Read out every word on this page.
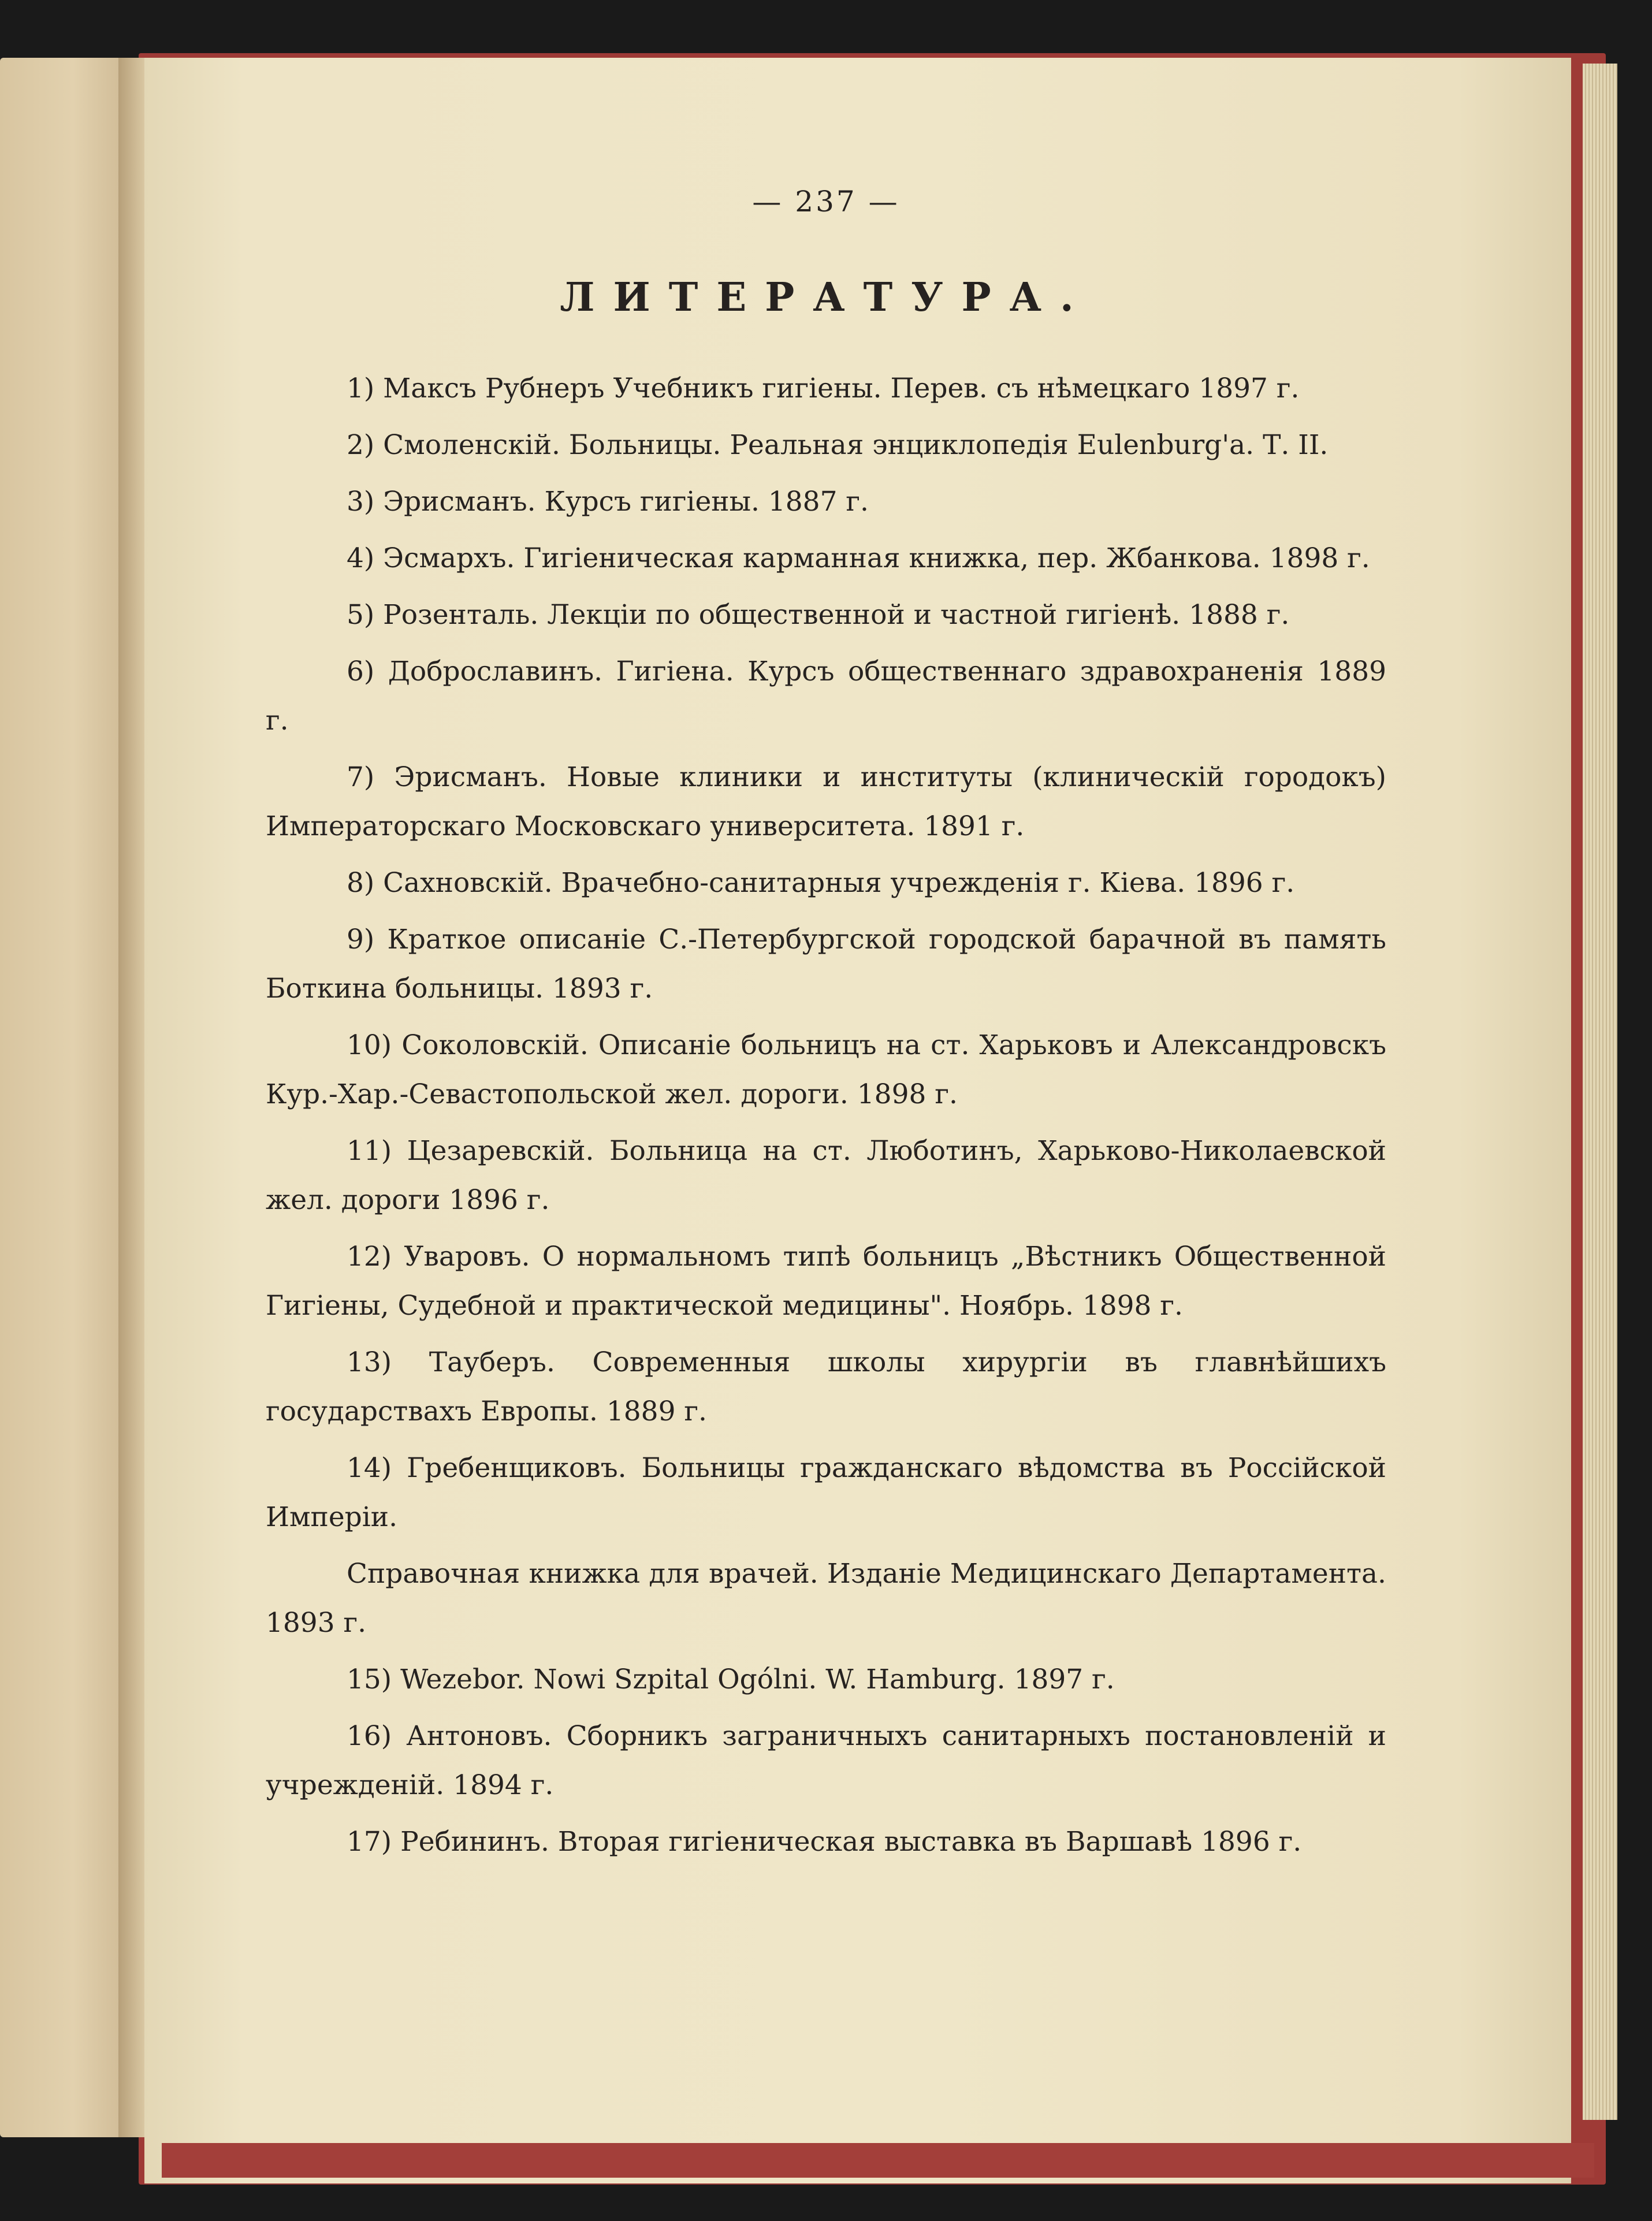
— 237 —
ЛИТЕРАТУРА.

1) Максъ Рубнеръ Учебникъ гигіены. Перев. съ нѣмецкаго 1897 г.

2) Смоленскій. Больницы. Реальная энциклопедія Eulenburg'a. Т. II.

3) Эрисманъ. Курсъ гигіены. 1887 г.

4) Эсмархъ. Гигіеническая карманная книжка, пер. Жбанкова. 1898 г.

5) Розенталь. Лекціи по общественной и частной гигіенѣ. 1888 г.

6) Доброславинъ. Гигіена. Курсъ общественнаго здравохраненія 1889 г.

7) Эрисманъ. Новые клиники и институты (клиническій городокъ) Императорскаго Московскаго университета. 1891 г.

8) Сахновскій. Врачебно-санитарныя учрежденія г. Кіева. 1896 г.

9) Краткое описаніе С.-Петербургской городской барачной въ память Боткина больницы. 1893 г.

10) Соколовскій. Описаніе больницъ на ст. Харьковъ и Александровскъ Кур.-Хар.-Севастопольской жел. дороги. 1898 г.

11) Цезаревскій. Больница на ст. Люботинъ, Харьково-Николаевской жел. дороги 1896 г.

12) Уваровъ. О нормальномъ типѣ больницъ „Вѣстникъ Общественной Гигіены, Судебной и практической медицины". Ноябрь. 1898 г.

13) Тауберъ. Современныя школы хирургіи въ главнѣйшихъ государствахъ Европы. 1889 г.

14) Гребенщиковъ. Больницы гражданскаго вѣдомства въ Россійской Имперіи.

Справочная книжка для врачей. Изданіе Медицинскаго Департамента. 1893 г.

15) Wezebor. Nowi Szpital Ogólni. W. Hamburg. 1897 г.

16) Антоновъ. Сборникъ заграничныхъ санитарныхъ постановленій и учрежденій. 1894 г.

17) Ребининъ. Вторая гигіеническая выставка въ Варшавѣ 1896 г.
